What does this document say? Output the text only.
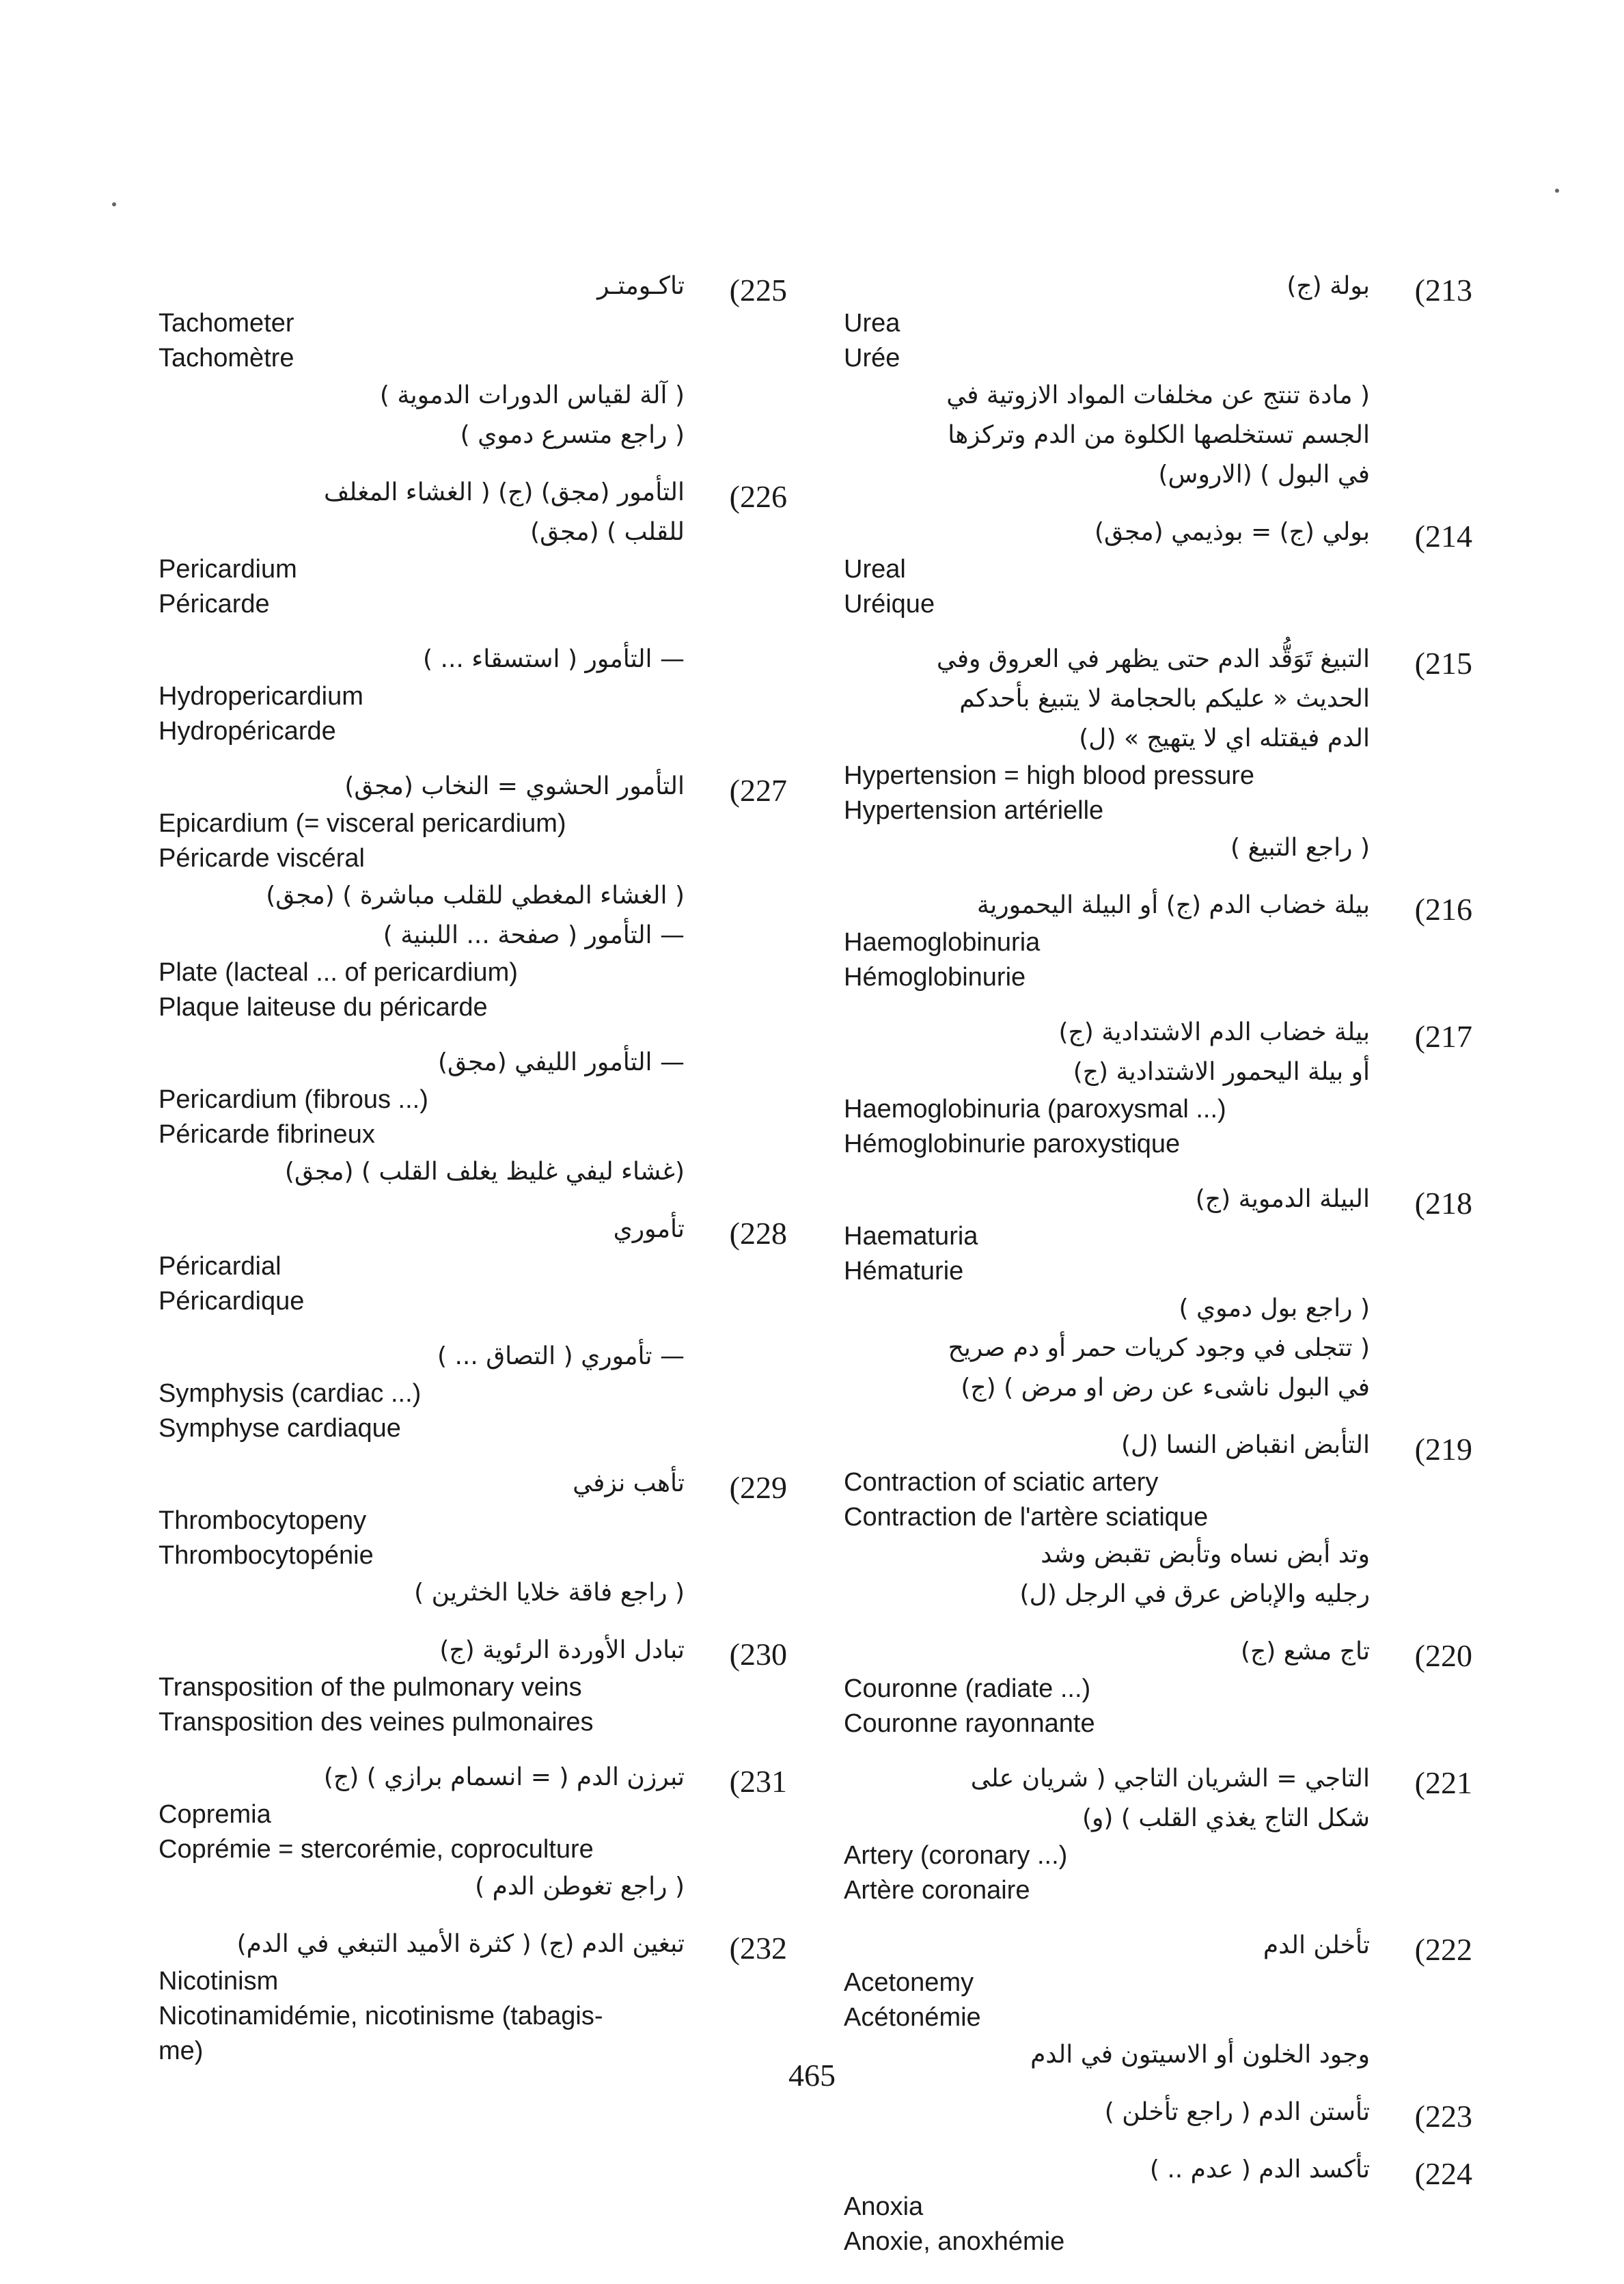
(225
تاكـومتـر
Tachometer
Tachomètre
( آلة لقياس الدورات الدموية )
( راجع متسرع دموي )
(226
التأمور (مجق) (ج) ( الغشاء المغلف
للقلب ) (مجق)
Pericardium
Péricarde
— التأمور ( استسقاء ... )
Hydropericardium
Hydropéricarde
(227
التأمور الحشوي = النخاب (مجق)
Epicardium (= visceral pericardium)
Péricarde viscéral
( الغشاء المغطي للقلب مباشرة ) (مجق)
— التأمور ( صفحة ... اللبنية )
Plate (lacteal ... of pericardium)
Plaque laiteuse du péricarde
— التأمور الليفي (مجق)
Pericardium (fibrous ...)
Péricarde fibrineux
(غشاء ليفي غليظ يغلف القلب ) (مجق)
(228
تأموري
Péricardial
Péricardique
— تأموري ( التصاق ... )
Symphysis (cardiac ...)
Symphyse cardiaque
(229
تأهب نزفي
Thrombocytopeny
Thrombocytopénie
( راجع فاقة خلايا الخثرين )
(230
تبادل الأوردة الرئوية (ج)
Transposition of the pulmonary veins
Transposition des veines pulmonaires
(231
تبرزن الدم ( = انسمام برازي ) (ج)
Copremia
Coprémie = stercorémie, coproculture
( راجع تغوطن الدم )
(232
تبغين الدم (ج) ( كثرة الأميد التبغي في الدم)
Nicotinism
Nicotinamidémie, nicotinisme (tabagis-
me)
(213
بولة (ج)
Urea
Urée
( مادة تنتج عن مخلفات المواد الازوتية في
الجسم تستخلصها الكلوة من الدم وتركزها
في البول ) (الاروس)
(214
بولي (ج) = بوذيمي (مجق)
Ureal
Uréique
(215
التبيغ تَوَقُّد الدم حتى يظهر في العروق وفي
الحديث « عليكم بالحجامة لا يتبيغ بأحدكم
الدم فيقتله اي لا يتهيج » (ل)
Hypertension = high blood pressure
Hypertension artérielle
( راجع التبيغ )
(216
بيلة خضاب الدم (ج) أو البيلة اليحمورية
Haemoglobinuria
Hémoglobinurie
(217
بيلة خضاب الدم الاشتدادية (ج)
أو بيلة اليحمور الاشتدادية (ج)
Haemoglobinuria (paroxysmal ...)
Hémoglobinurie paroxystique
(218
البيلة الدموية (ج)
Haematuria
Hématurie
( راجع بول دموي )
( تتجلى في وجود كريات حمر أو دم صريح
في البول ناشىء عن رض او مرض ) (ج)
(219
التأبض انقباض النسا (ل)
Contraction of sciatic artery
Contraction de l'artère sciatique
وتد أبض نساه وتأبض تقبض وشد
رجليه والإباض عرق في الرجل (ل)
(220
تاج مشع (ج)
Couronne (radiate ...)
Couronne rayonnante
(221
التاجي = الشريان التاجي ( شريان على
شكل التاج يغذي القلب ) (و)
Artery (coronary ...)
Artère coronaire
(222
تأخلن الدم
Acetonemy
Acétonémie
وجود الخلون أو الاسيتون في الدم
(223
تأستن الدم ( راجع تأخلن )
(224
تأكسد الدم ( عدم .. )
Anoxia
Anoxie, anoxhémie
465
